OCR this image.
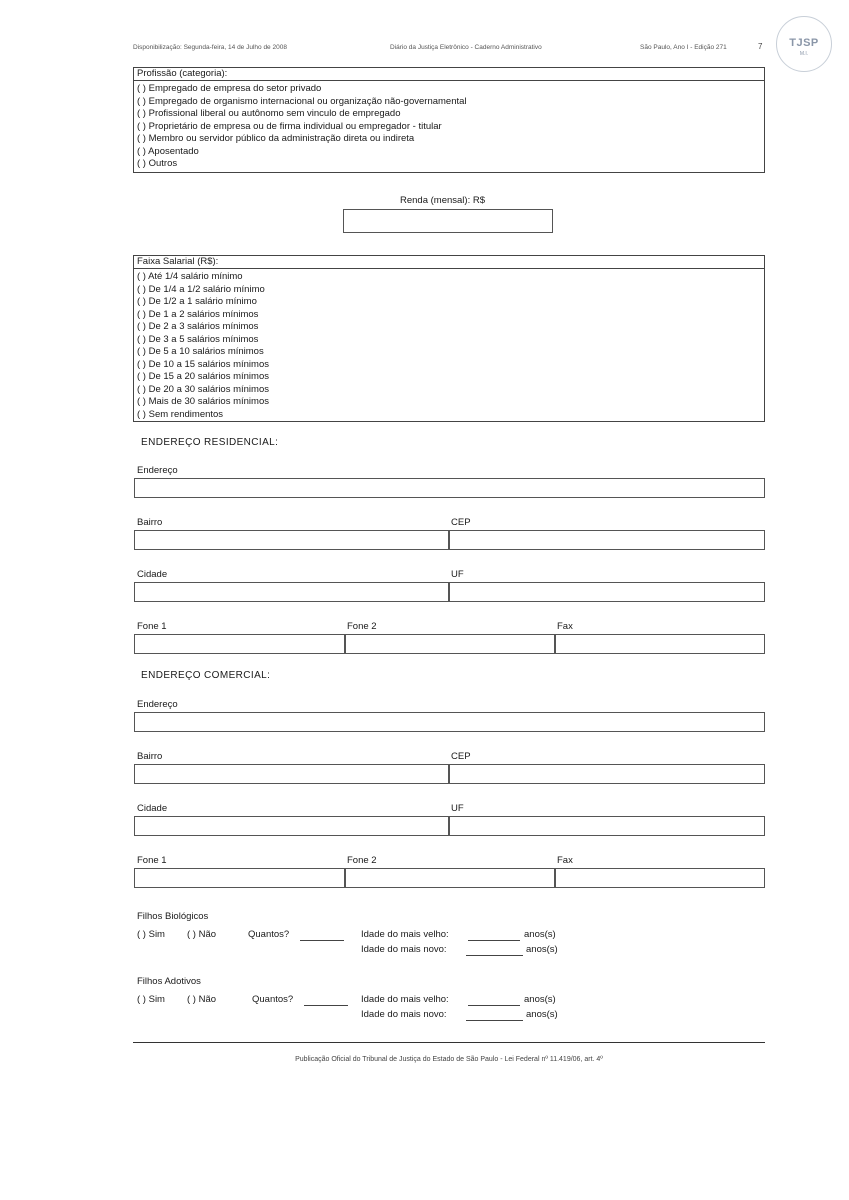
Disponibilização: Segunda-feira, 14 de Julho de 2008	Diário da Justiça Eletrônico - Caderno Administrativo	São Paulo, Ano I - Edição 271	7	TJSP
M.I.
Profissão (categoria):
( ) Empregado de empresa do setor privado
( ) Empregado de organismo internacional ou organização não-governamental
( ) Profissional liberal ou autônomo sem vinculo de empregado
( ) Proprietário de empresa ou de firma individual ou empregador - titular
( ) Membro ou servidor público da administração direta ou indireta
( ) Aposentado
( ) Outros
Renda (mensal): R$
Faixa Salarial (R$):
( ) Até 1/4 salário mínimo
( ) De 1/4 a 1/2 salário mínimo
( ) De 1/2 a 1 salário mínimo
( ) De 1 a 2 salários mínimos
( ) De 2 a 3 salários mínimos
( ) De 3 a 5 salários mínimos
( ) De 5 a 10 salários mínimos
( ) De 10 a 15 salários mínimos
( ) De 15 a 20 salários mínimos
( ) De 20 a 30 salários mínimos
( ) Mais de 30 salários mínimos
( ) Sem rendimentos
ENDEREÇO RESIDENCIAL:
Endereço
Bairro	CEP
Cidade	UF
Fone 1	Fone 2	Fax
ENDEREÇO COMERCIAL:
Endereço
Bairro	CEP
Cidade	UF
Fone 1	Fone 2	Fax
Filhos Biológicos
( ) Sim ( ) Não	Quantos?	Idade do mais velho:	anos(s)
Idade do mais novo:	anos(s)
Filhos Adotivos
( ) Sim ( ) Não	Quantos?	Idade do mais velho:	anos(s)
Idade do mais novo:	anos(s)
Publicação Oficial do Tribunal de Justiça do Estado de São Paulo - Lei Federal nº 11.419/06, art. 4º
